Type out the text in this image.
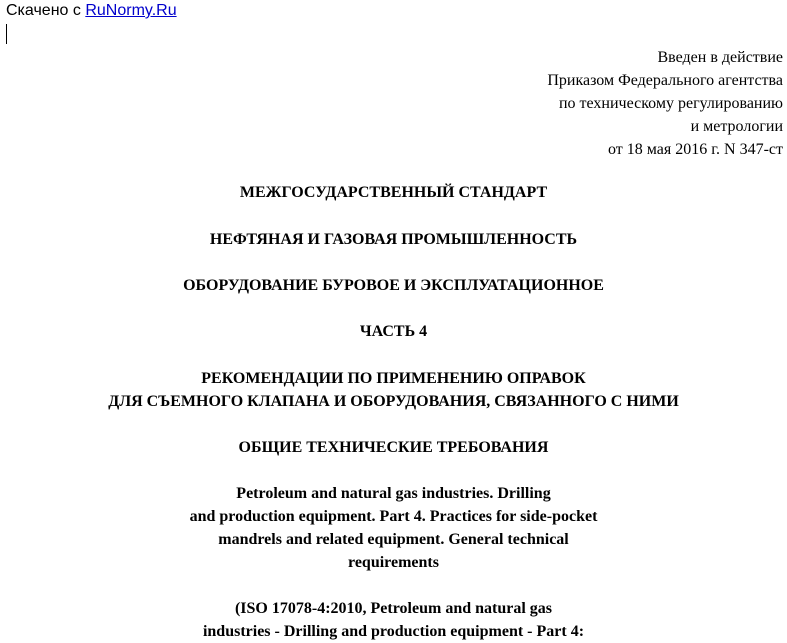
Скачено с RuNormy.Ru
Введен в действие
Приказом Федерального агентства
по техническому регулированию
и метрологии
от 18 мая 2016 г. N 347-ст
МЕЖГОСУДАРСТВЕННЫЙ СТАНДАРТ
НЕФТЯНАЯ И ГАЗОВАЯ ПРОМЫШЛЕННОСТЬ
ОБОРУДОВАНИЕ БУРОВОЕ И ЭКСПЛУАТАЦИОННОЕ
ЧАСТЬ 4
РЕКОМЕНДАЦИИ ПО ПРИМЕНЕНИЮ ОПРАВОК
ДЛЯ СЪЕМНОГО КЛАПАНА И ОБОРУДОВАНИЯ, СВЯЗАННОГО С НИМИ
ОБЩИЕ ТЕХНИЧЕСКИЕ ТРЕБОВАНИЯ
Petroleum and natural gas industries. Drilling
and production equipment. Part 4. Practices for side-pocket
mandrels and related equipment. General technical
requirements
(ISO 17078-4:2010, Petroleum and natural gas
industries - Drilling and production equipment - Part 4:
